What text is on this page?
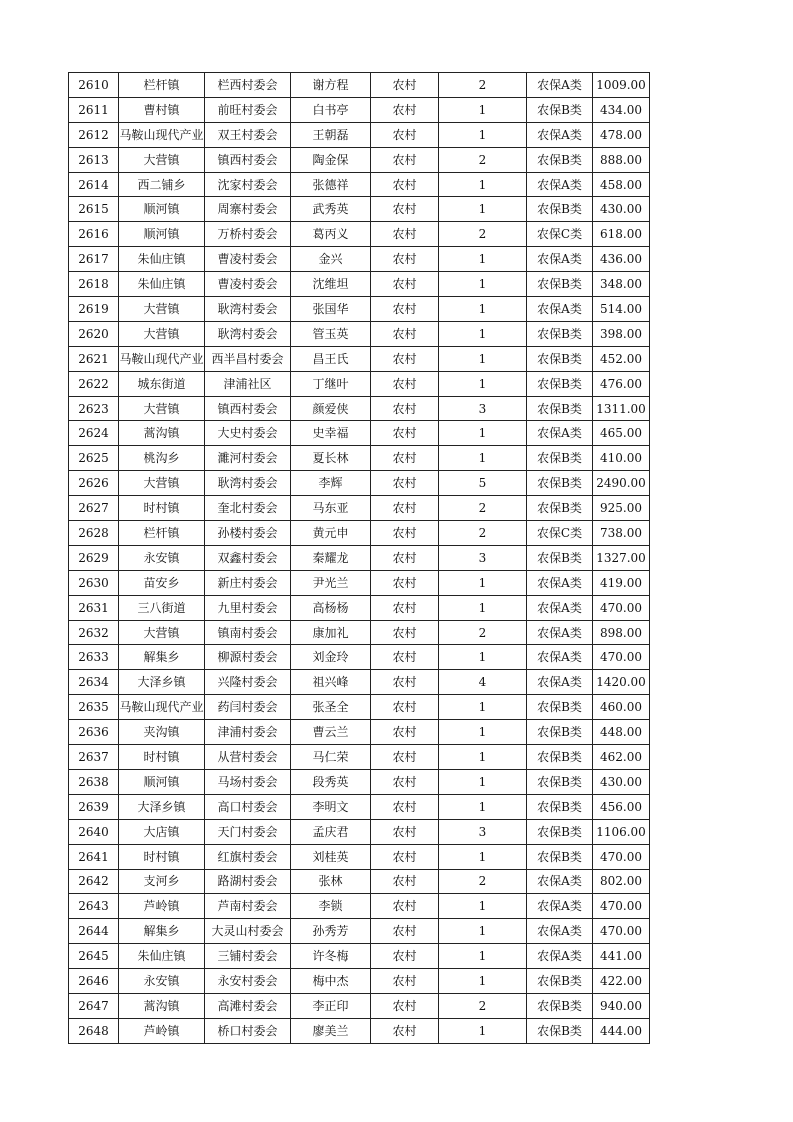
2610	栏杆镇	栏西村委会	谢方程	农村	2	农保A类	1009.00
2611	曹村镇	前旺村委会	白书亭	农村	1	农保B类	434.00
2612	马鞍山现代产业	双王村委会	王朝磊	农村	1	农保A类	478.00
2613	大营镇	镇西村委会	陶金保	农村	2	农保B类	888.00
2614	西二铺乡	沈家村委会	张德祥	农村	1	农保A类	458.00
2615	顺河镇	周寨村委会	武秀英	农村	1	农保B类	430.00
2616	顺河镇	万桥村委会	葛丙义	农村	2	农保C类	618.00
2617	朱仙庄镇	曹凌村委会	金兴	农村	1	农保A类	436.00
2618	朱仙庄镇	曹凌村委会	沈维坦	农村	1	农保B类	348.00
2619	大营镇	耿湾村委会	张国华	农村	1	农保A类	514.00
2620	大营镇	耿湾村委会	管玉英	农村	1	农保B类	398.00
2621	马鞍山现代产业	西半昌村委会	昌王氏	农村	1	农保B类	452.00
2622	城东街道	津浦社区	丁继叶	农村	1	农保B类	476.00
2623	大营镇	镇西村委会	颜爱侠	农村	3	农保B类	1311.00
2624	蒿沟镇	大史村委会	史幸福	农村	1	农保A类	465.00
2625	桃沟乡	濉河村委会	夏长林	农村	1	农保B类	410.00
2626	大营镇	耿湾村委会	李辉	农村	5	农保B类	2490.00
2627	时村镇	奎北村委会	马东亚	农村	2	农保B类	925.00
2628	栏杆镇	孙楼村委会	黄元申	农村	2	农保C类	738.00
2629	永安镇	双鑫村委会	秦耀龙	农村	3	农保B类	1327.00
2630	苗安乡	新庄村委会	尹光兰	农村	1	农保A类	419.00
2631	三八街道	九里村委会	高杨杨	农村	1	农保A类	470.00
2632	大营镇	镇南村委会	康加礼	农村	2	农保A类	898.00
2633	解集乡	柳源村委会	刘金玲	农村	1	农保A类	470.00
2634	大泽乡镇	兴隆村委会	祖兴峰	农村	4	农保A类	1420.00
2635	马鞍山现代产业	药闫村委会	张圣全	农村	1	农保B类	460.00
2636	夹沟镇	津浦村委会	曹云兰	农村	1	农保B类	448.00
2637	时村镇	从营村委会	马仁荣	农村	1	农保B类	462.00
2638	顺河镇	马场村委会	段秀英	农村	1	农保B类	430.00
2639	大泽乡镇	高口村委会	李明文	农村	1	农保B类	456.00
2640	大店镇	天门村委会	孟庆君	农村	3	农保B类	1106.00
2641	时村镇	红旗村委会	刘桂英	农村	1	农保B类	470.00
2642	支河乡	路湖村委会	张林	农村	2	农保A类	802.00
2643	芦岭镇	芦南村委会	李锁	农村	1	农保A类	470.00
2644	解集乡	大灵山村委会	孙秀芳	农村	1	农保A类	470.00
2645	朱仙庄镇	三铺村委会	许冬梅	农村	1	农保A类	441.00
2646	永安镇	永安村委会	梅中杰	农村	1	农保B类	422.00
2647	蒿沟镇	高滩村委会	李正印	农村	2	农保B类	940.00
2648	芦岭镇	桥口村委会	廖美兰	农村	1	农保B类	444.00
